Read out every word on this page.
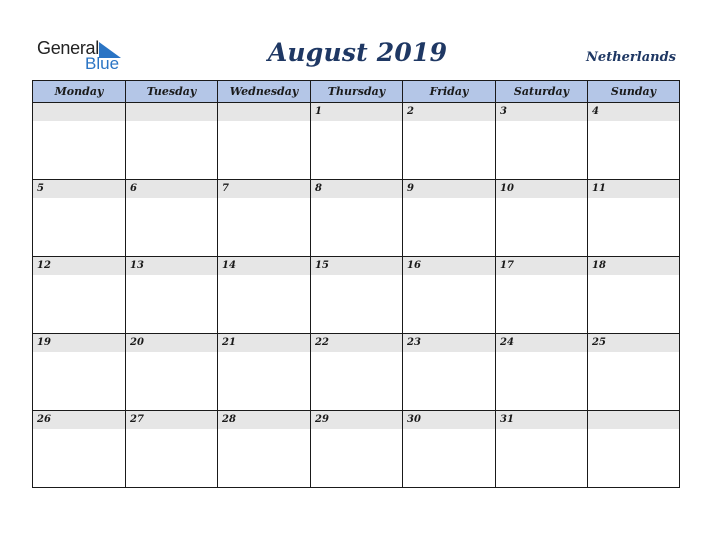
General
Blue	August 2019	Netherlands
Monday	Tuesday	Wednesday	Thursday	Friday	Saturday	Sunday

			1	2	3	4

5	6	7	8	9	10	11

12	13	14	15	16	17	18

19	20	21	22	23	24	25

26	27	28	29	30	31	
